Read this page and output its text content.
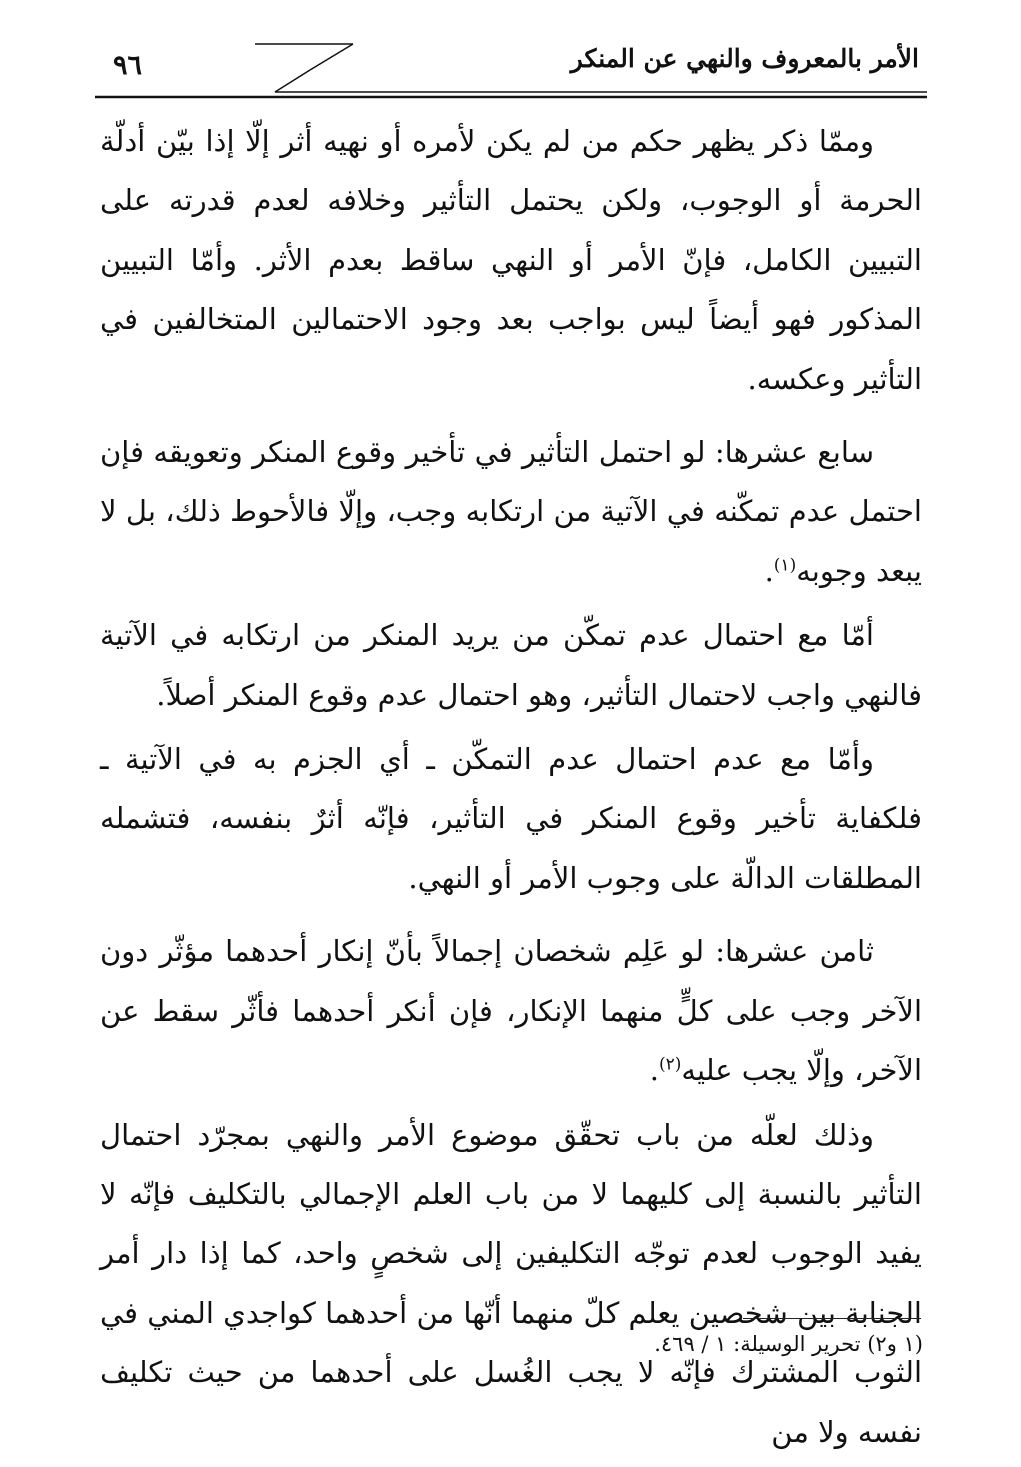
الأمر بالمعروف والنهي عن المنكر
٩٦

وممّا ذكر يظهر حكم من لم يكن لأمره أو نهيه أثر إلّا إذا بيّن أدلّة الحرمة أو الوجوب، ولكن يحتمل التأثير وخلافه لعدم قدرته على التبيين الكامل، فإنّ الأمر أو النهي ساقط بعدم الأثر. وأمّا التبيين المذكور فهو أيضاً ليس بواجب بعد وجود الاحتمالين المتخالفين في التأثير وعكسه.

سابع عشرها: لو احتمل التأثير في تأخير وقوع المنكر وتعويقه فإن احتمل عدم تمكّنه في الآتية من ارتكابه وجب، وإلّا فالأحوط ذلك، بل لا يبعد وجوبه$^{(١)}$.

أمّا مع احتمال عدم تمكّن من يريد المنكر من ارتكابه في الآتية فالنهي واجب لاحتمال التأثير، وهو احتمال عدم وقوع المنكر أصلاً.

وأمّا مع عدم احتمال عدم التمكّن ـ أي الجزم به في الآتية ـ فلكفاية تأخير وقوع المنكر في التأثير، فإنّه أثرٌ بنفسه، فتشمله المطلقات الدالّة على وجوب الأمر أو النهي.

ثامن عشرها: لو عَلِم شخصان إجمالاً بأنّ إنكار أحدهما مؤثّر دون الآخر وجب على كلٍّ منهما الإنكار، فإن أنكر أحدهما فأثّر سقط عن الآخر، وإلّا يجب عليه$^{(٢)}$.

وذلك لعلّه من باب تحقّق موضوع الأمر والنهي بمجرّد احتمال التأثير بالنسبة إلى كليهما لا من باب العلم الإجمالي بالتكليف فإنّه لا يفيد الوجوب لعدم توجّه التكليفين إلى شخصٍ واحد، كما إذا دار أمر الجنابة بين شخصين يعلم كلّ منهما أنّها من أحدهما كواجدي المني في الثوب المشترك فإنّه لا يجب الغُسل على أحدهما من حيث تكليف نفسه ولا من

(١ و٢) تحرير الوسيلة: ١ / ٤٦٩.
